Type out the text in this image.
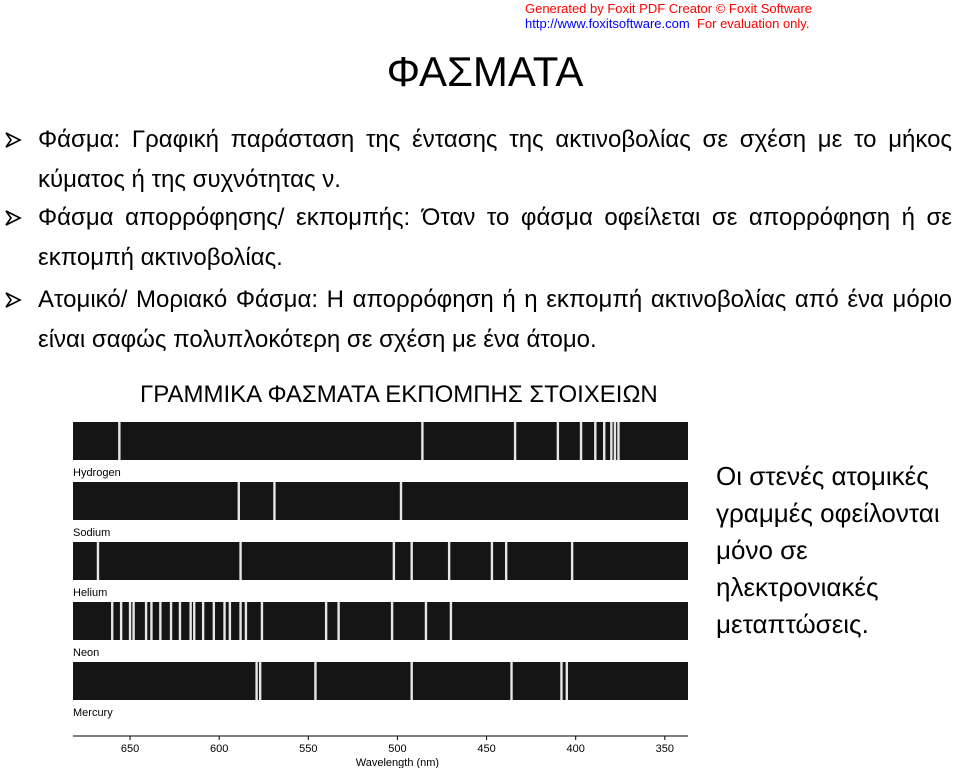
Generated by Foxit PDF Creator © Foxit Software
http://www.foxitsoftware.com For evaluation only.
ΦΑΣΜΑΤΑ
Φάσμα: Γραφική παράσταση της έντασης της ακτινοβολίας σε σχέση με το μήκος κύματος ή της συχνότητας ν.
Φάσμα απορρόφησης/ εκπομπής: Όταν το φάσμα οφείλεται σε απορρόφηση ή σε εκπομπή ακτινοβολίας.
Ατομικό/ Μοριακό Φάσμα: Η απορρόφηση ή η εκπομπή ακτινοβολίας από ένα μόριο είναι σαφώς πολυπλοκότερη σε σχέση με ένα άτομο.
ΓΡΑΜΜΙΚΑ ΦΑΣΜΑΤΑ ΕΚΠΟΜΠΗΣ ΣΤΟΙΧΕΙΩΝ
Hydrogen
Sodium
Helium
Neon
Mercury
650	600	550	500	450	400	350
Wavelength (nm)
Οι στενές ατομικές γραμμές οφείλονται μόνο σε ηλεκτρονιακές μεταπτώσεις.
